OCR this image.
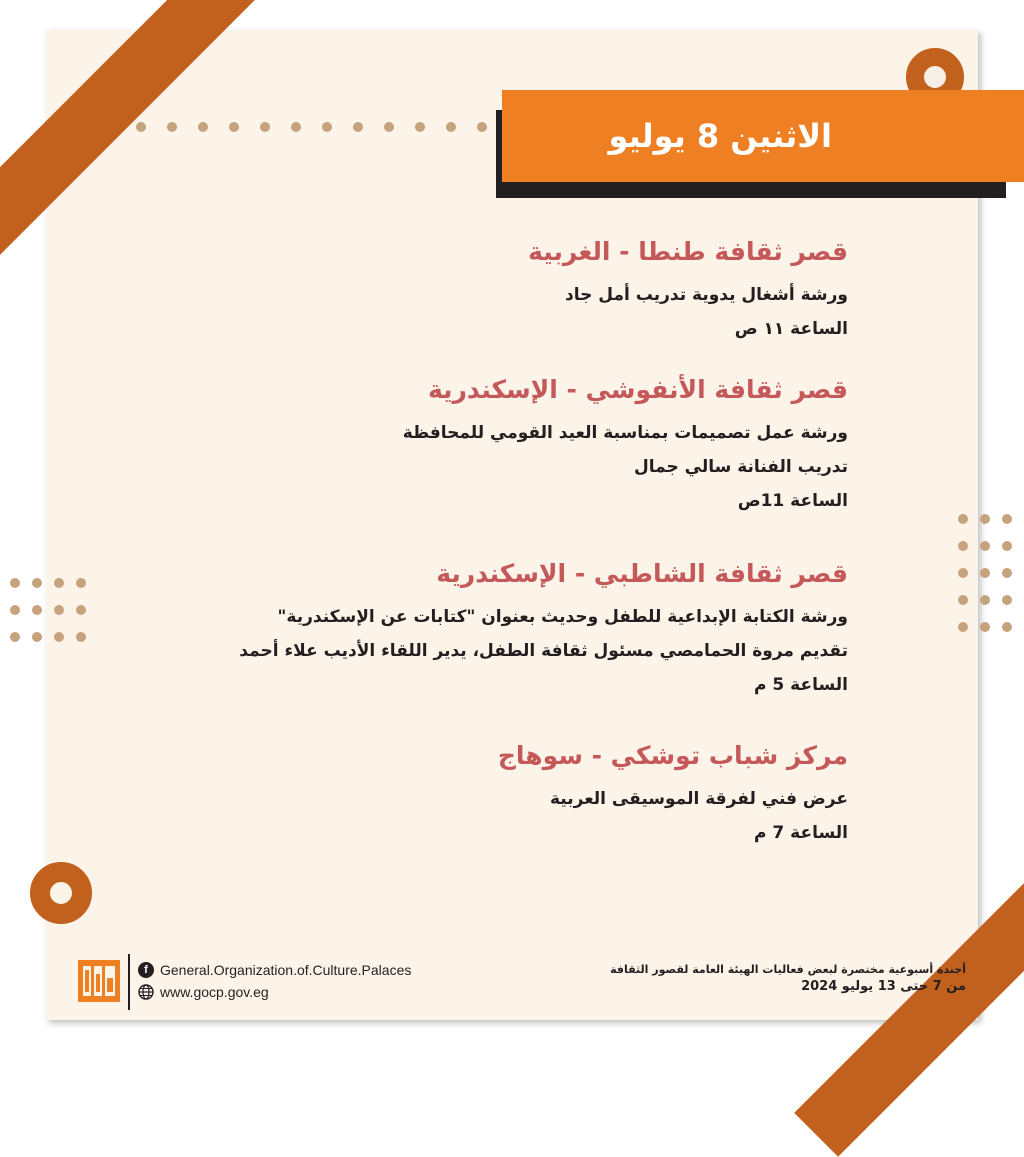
الاثنين 8 يوليو
قصر ثقافة طنطا - الغربية
ورشة أشغال يدوية تدريب أمل جاد
الساعة ١١ ص
قصر ثقافة الأنفوشي - الإسكندرية
ورشة عمل تصميمات بمناسبة العيد القومي للمحافظة
تدريب الفنانة سالي جمال
الساعة 11ص
قصر ثقافة الشاطبي - الإسكندرية
ورشة الكتابة الإبداعية للطفل وحديث بعنوان "كتابات عن الإسكندرية"
تقديم مروة الحمامصي مسئول ثقافة الطفل، يدير اللقاء الأديب علاء أحمد
الساعة 5 م
مركز شباب توشكي - سوهاج
عرض فني لفرقة الموسيقى العربية
الساعة 7 م
f General.Organization.of.Culture.Palaces
www.gocp.gov.eg
أجندة أسبوعية مختصرة لبعض فعاليات الهيئة العامة لقصور الثقافة
من 7 حتى 13 يوليو 2024
